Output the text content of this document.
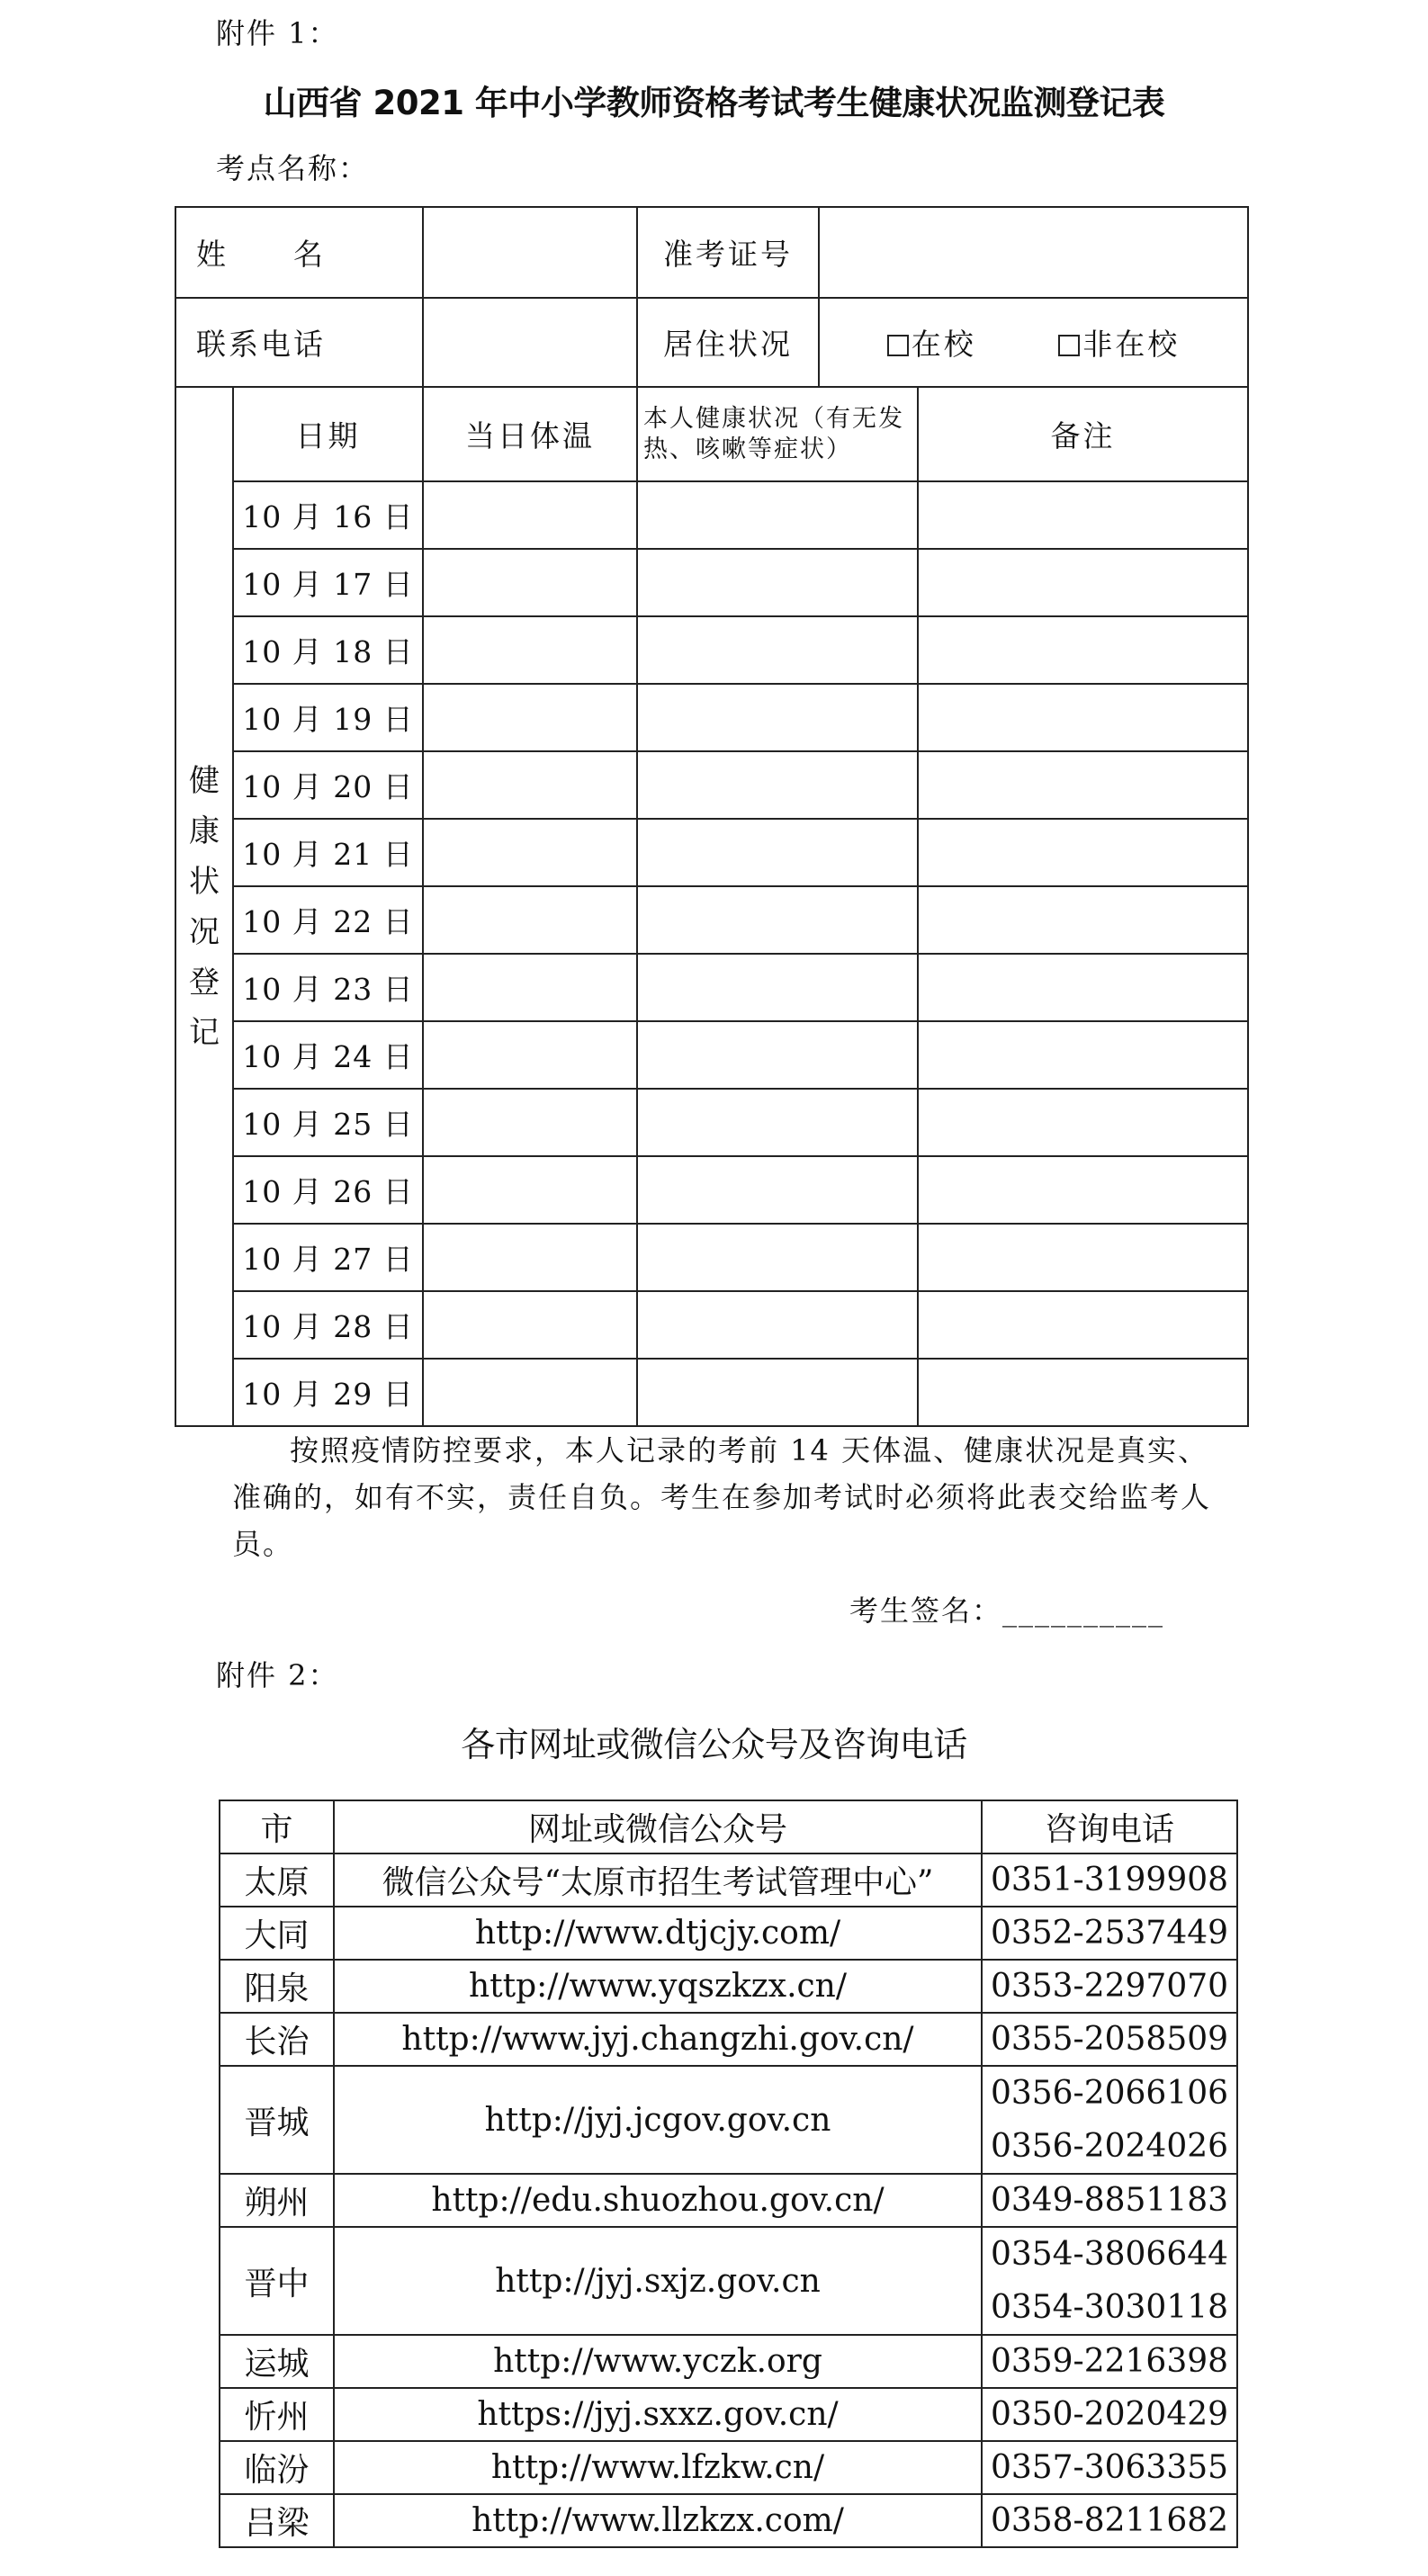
附件 1：
山西省 2021 年中小学教师资格考试考生健康状况监测登记表
考点名称：
姓　　名			准考证号		
联系电话			居住状况	在校 非在校	

健康状况登记	日期	当日体温	本人健康状况（有无发热、咳嗽等症状）		备注
	10 月 16 日				
	10 月 17 日				
	10 月 18 日				
	10 月 19 日				
	10 月 20 日				
	10 月 21 日				
	10 月 22 日				
	10 月 23 日				
	10 月 24 日				
	10 月 25 日				
	10 月 26 日				
	10 月 27 日				
	10 月 28 日				
	10 月 29 日				
按照疫情防控要求，本人记录的考前 14 天体温、健康状况是真实、准确的，如有不实，责任自负。考生在参加考试时必须将此表交给监考人员。
考生签名：__________
附件 2：
各市网址或微信公众号及咨询电话
市	网址或微信公众号	咨询电话
太原	微信公众号“太原市招生考试管理中心”	0351-3199908
大同	http://www.dtjcjy.com/	0352-2537449
阳泉	http://www.yqszkzx.cn/	0353-2297070
长治	http://www.jyj.changzhi.gov.cn/	0355-2058509
晋城	http://jyj.jcgov.gov.cn	0356-2066106
0356-2024026

朔州	http://edu.shuozhou.gov.cn/	0349-8851183
晋中	http://jyj.sxjz.gov.cn	0354-3806644
0354-3030118

运城	http://www.yczk.org	0359-2216398
忻州	https://jyj.sxxz.gov.cn/	0350-2020429
临汾	http://www.lfzkw.cn/	0357-3063355
吕梁	http://www.llzkzx.com/	0358-8211682
